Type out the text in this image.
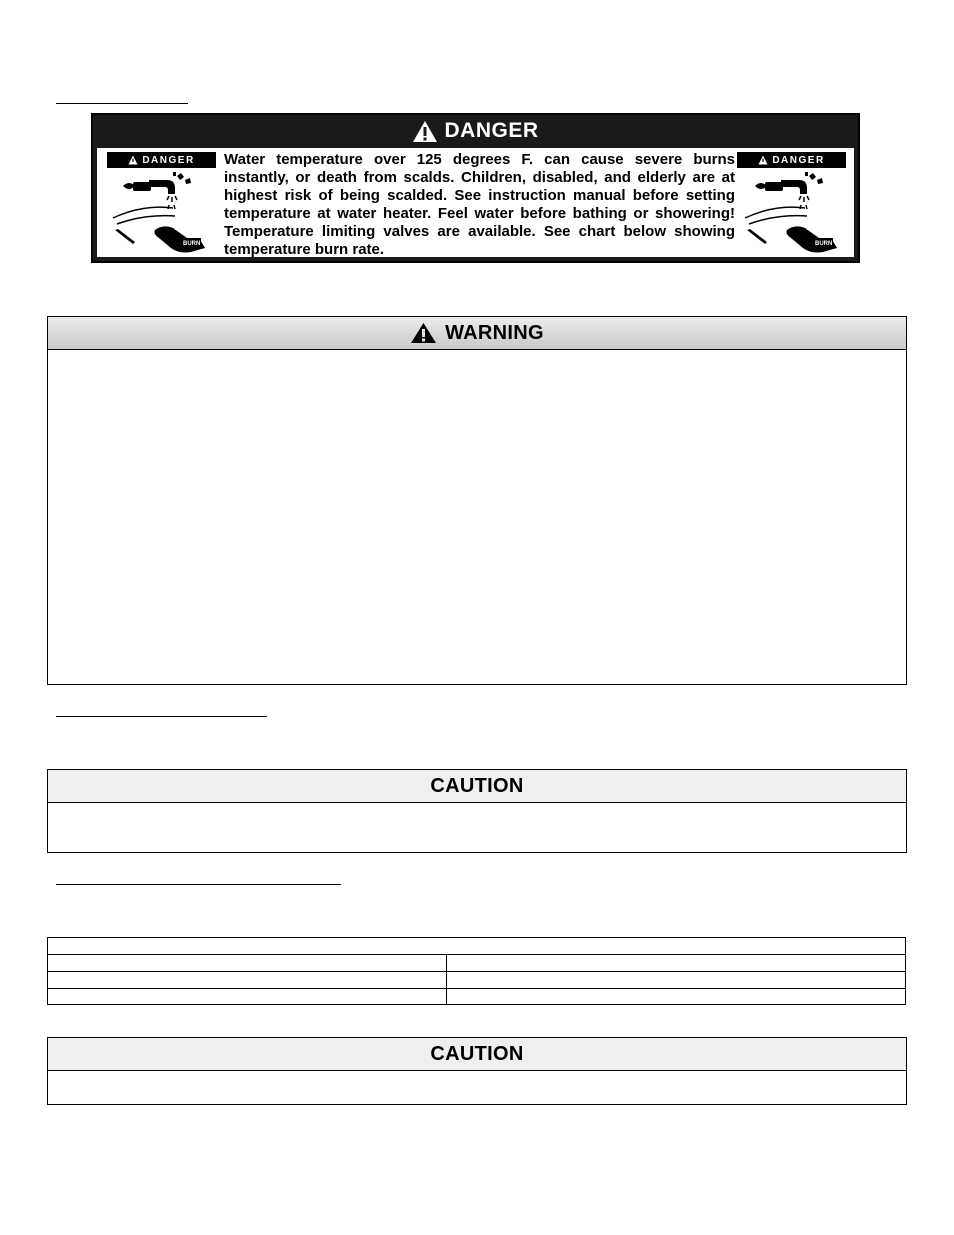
DANGER
DANGER
BURN
Water temperature over 125 degrees F. can cause severe burns instantly, or death from scalds. Children, disabled, and elderly are at highest risk of being scalded. See instruction manual before setting temperature at water heater. Feel water before bathing or showering! Temperature limiting valves are available. See chart below showing temperature burn rate.
DANGER
BURN
WARNING
CAUTION

CAUTION
